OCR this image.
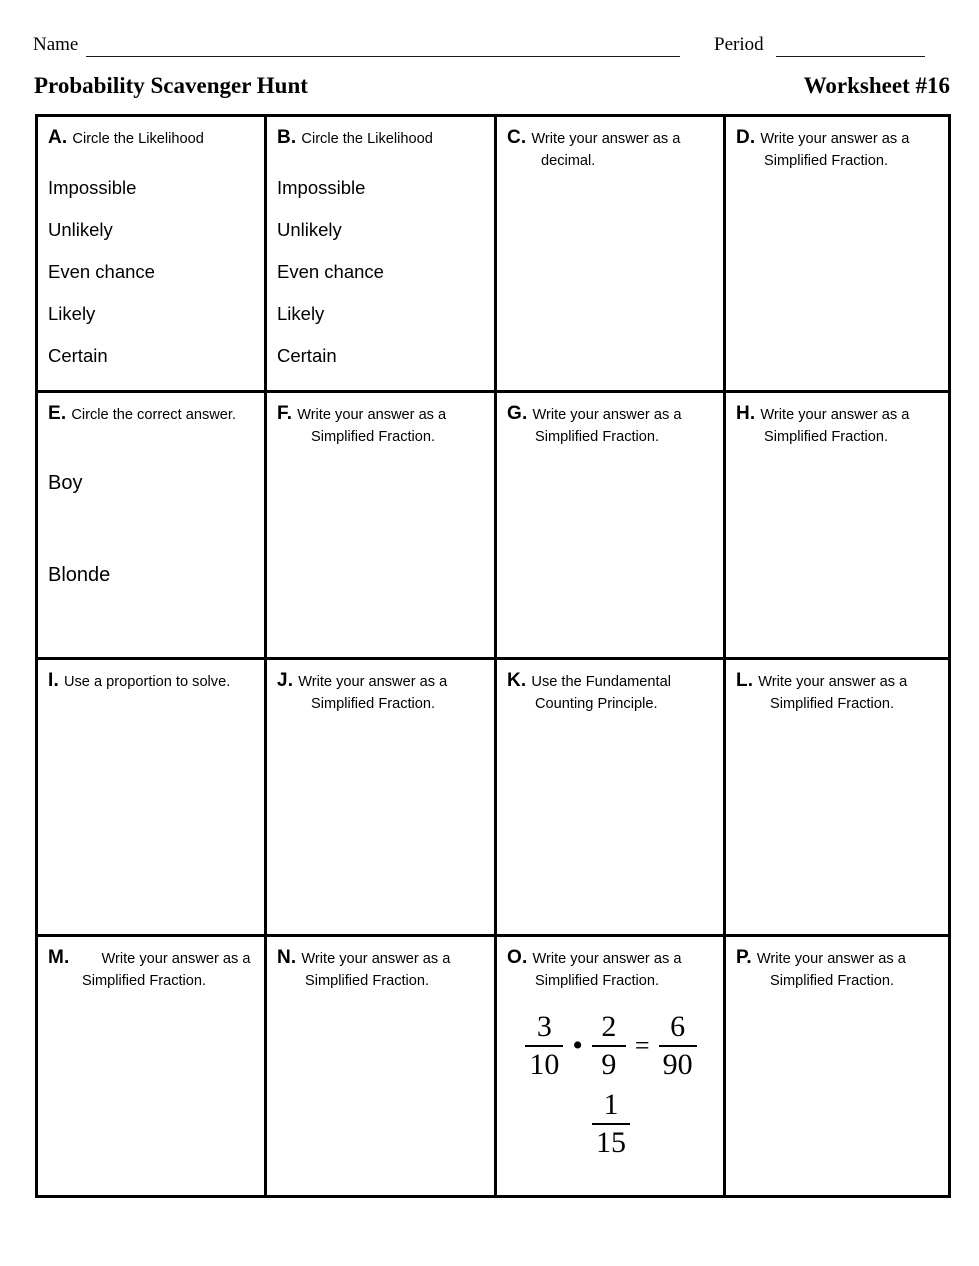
Name	Period
Probability Scavenger Hunt	Worksheet #16
A. Circle the Likelihood
Impossible
Unlikely
Even chance
Likely
Certain
B. Circle the Likelihood
Impossible
Unlikely
Even chance
Likely
Certain
C. Write your answer as a decimal.
D. Write your answer as a Simplified Fraction.
E. Circle the correct answer.
Boy
Blonde
F. Write your answer as a Simplified Fraction.
G. Write your answer as a Simplified Fraction.
H. Write your answer as a Simplified Fraction.
I. Use a proportion to solve.	J. Write your answer as a Simplified Fraction.
K. Use the Fundamental Counting Principle.
L. Write your answer as a Simplified Fraction.
M. Write your answer as a Simplified Fraction.
N. Write your answer as a Simplified Fraction.
O. Write your answer as a Simplified Fraction.
$\frac{3}{10}$ • $\frac{2}{9} = \frac{6}{90}$
$\frac{1}{15}$
P. Write your answer as a Simplified Fraction.
